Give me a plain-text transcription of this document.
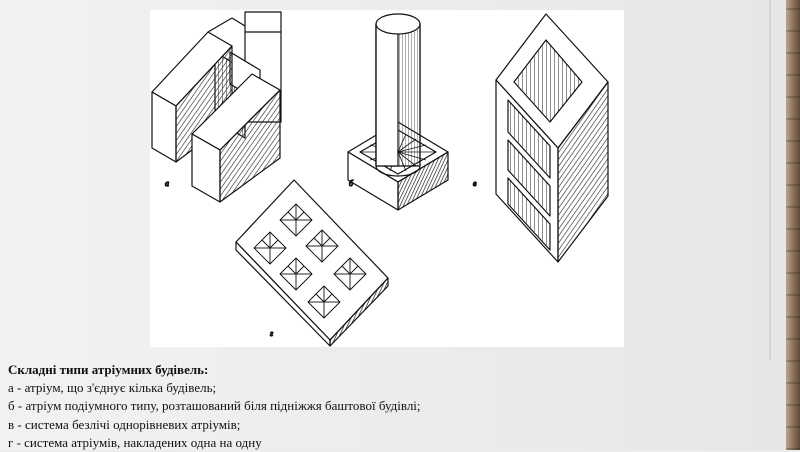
а	б	в
г
Складні типи атріумних будівель:
а - атріум, що з'єднує кілька будівель;
б - атріум подіумного типу, розташований біля підніжжя баштової будівлі;
в - система безлічі однорівневих атріумів;
г - система атріумів, накладених одна на одну
